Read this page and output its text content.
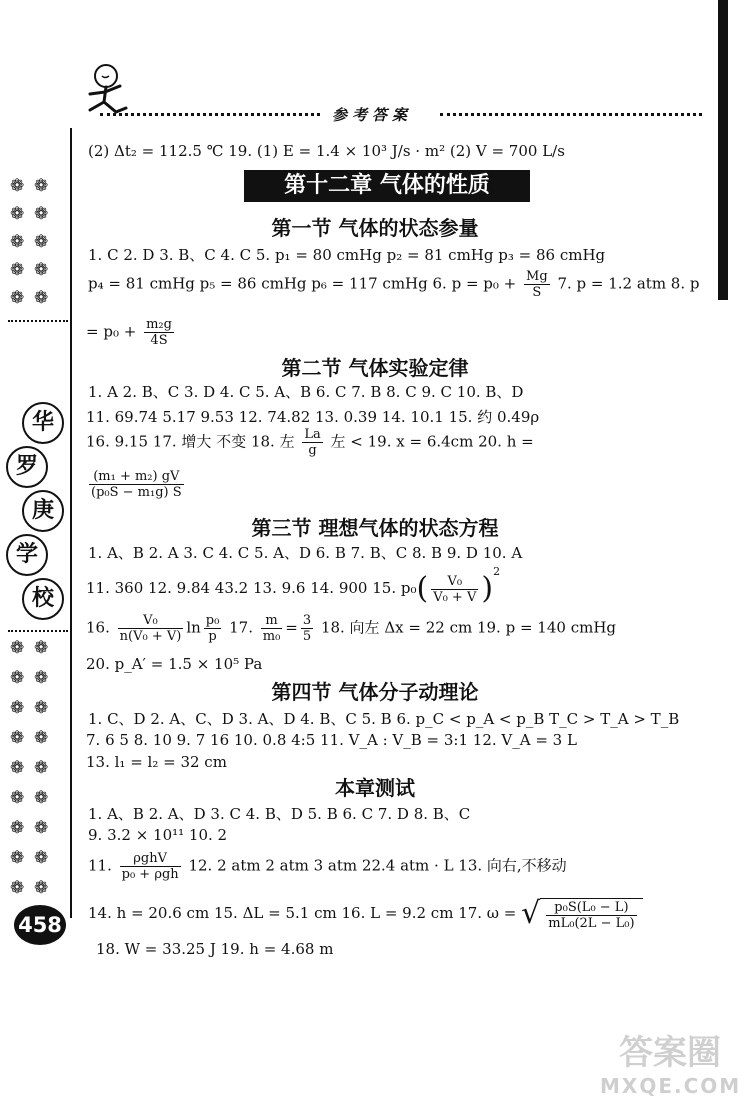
参考答案
❁ ❁
❁ ❁
❁ ❁
❁ ❁
❁ ❁
华
罗
庚
学
校
❁ ❁
❁ ❁
❁ ❁
❁ ❁
❁ ❁
❁ ❁
❁ ❁
❁ ❁
❁ ❁
458
(2) Δt₂ = 112.5 ℃ 19. (1) E = 1.4 × 10³ J/s · m² (2) V = 700 L/s
第十二章 气体的性质
第一节 气体的状态参量
1. C 2. D 3. B、C 4. C 5. p₁ = 80 cmHg p₂ = 81 cmHg p₃ = 86 cmHg
p₄ = 81 cmHg p₅ = 86 cmHg p₆ = 117 cmHg 6. $p = p_0 + \frac{Mg}{S} 7$. p = 1.2 atm 8. p
= $p_0 + \frac{\text{m₂g}}{4S}$
第二节 气体实验定律
1. A 2. B、C 3. D 4. C 5. A、B 6. C 7. B 8. C 9. C 10. B、D
11. 69.74 5.17 9.53 12. 74.82 13. 0.39 14. 10.1 15. 约 0.49ρ
16. 9.15 17. 增大 不变 18. 左 $\frac{La}{g}$ 左 < 19. x = 6.4cm 20. h =
$\frac{\text{(m₁ + m₂) gV}}{\text{(p₀S − m₁g) S}}$
第三节 理想气体的状态方程
1. A、B 2. A 3. C 4. C 5. A、D 6. B 7. B、C 8. B 9. D 10. A
11. 360 12. 9.84 43.2 13. 9.6 14. 900 15. $p_0( \frac{\text{V₀}}{\text{V₀ + V}} )^2$
16. $\frac{\text{V₀}}{\text{n(V₀ + V)}}$ $\ln \frac{\text{p₀}}{p} 17$. $\frac{m}{\text{m₀}} = \frac{3}{5} 18$. 向左 Δx = 22 cm 19. p = 140 cmHg
20. p_A′ = 1.5 × 10⁵ Pa
第四节 气体分子动理论
1. C、D 2. A、C、D 3. A、D 4. B、C 5. B 6. p_C < p_A < p_B T_C > T_A > T_B
7. 6 5 8. 10 9. 7 16 10. 0.8 4:5 11. V_A : V_B = 3:1 12. V_A = 3 L
13. l₁ = l₂ = 32 cm
本章测试
1. A、B 2. A、D 3. C 4. B、D 5. B 6. C 7. D 8. B、C
9. 3.2 × 10¹¹ 10. 2
11. $\frac{\text{ρghV}}{\text{p₀ + ρgh}} 12$. 2 atm 2 atm 3 atm 22.4 atm · L 13. 向右,不移动
14. h = 20.6 cm 15. ΔL = 5.1 cm 16. L = 9.2 cm 17. ω = √ $\frac{\text{p₀S(L₀ − L)}}{\text{mL₀(2L − L₀)}}$
18. W = 33.25 J 19. h = 4.68 m
答案圈
MXQE.COM
